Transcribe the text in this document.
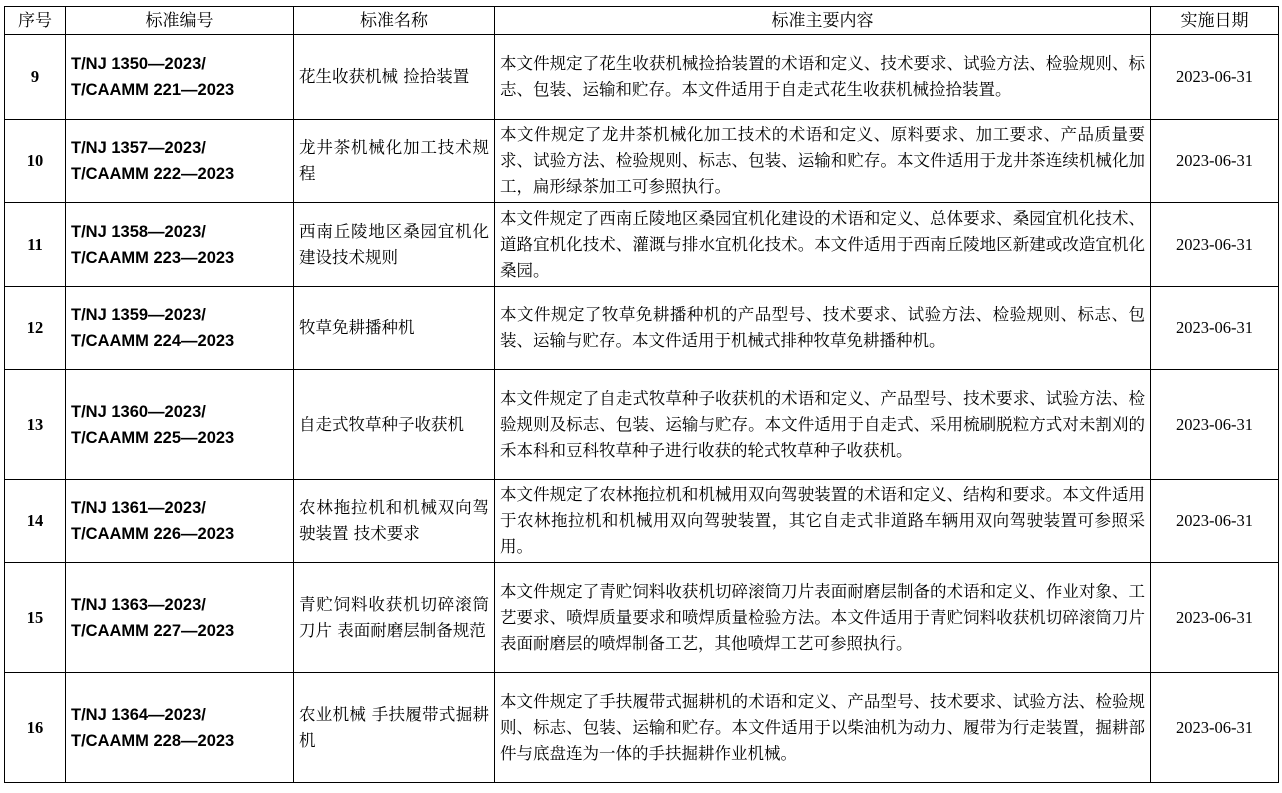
序号	标准编号	标准名称	标准主要内容	实施日期
9	T/NJ 1350—2023/
T/CAAMM 221—2023	花生收获机械 捡拾装置	本文件规定了花生收获机械捡拾装置的术语和定义、技术要求、试验方法、检验规则、标志、包装、运输和贮存。本文件适用于自走式花生收获机械捡拾装置。	2023-06-31
10	T/NJ 1357—2023/
T/CAAMM 222—2023	龙井茶机械化加工技术规程	本文件规定了龙井茶机械化加工技术的术语和定义、原料要求、加工要求、产品质量要求、试验方法、检验规则、标志、包装、运输和贮存。本文件适用于龙井茶连续机械化加工，扁形绿茶加工可参照执行。	2023-06-31
11	T/NJ 1358—2023/
T/CAAMM 223—2023	西南丘陵地区桑园宜机化建设技术规则	本文件规定了西南丘陵地区桑园宜机化建设的术语和定义、总体要求、桑园宜机化技术、道路宜机化技术、灌溉与排水宜机化技术。本文件适用于西南丘陵地区新建或改造宜机化桑园。	2023-06-31
12	T/NJ 1359—2023/
T/CAAMM 224—2023	牧草免耕播种机	本文件规定了牧草免耕播种机的产品型号、技术要求、试验方法、检验规则、标志、包装、运输与贮存。本文件适用于机械式排种牧草免耕播种机。	2023-06-31
13	T/NJ 1360—2023/
T/CAAMM 225—2023	自走式牧草种子收获机	本文件规定了自走式牧草种子收获机的术语和定义、产品型号、技术要求、试验方法、检验规则及标志、包装、运输与贮存。本文件适用于自走式、采用梳刷脱粒方式对未割刈的禾本科和豆科牧草种子进行收获的轮式牧草种子收获机。	2023-06-31
14	T/NJ 1361—2023/
T/CAAMM 226—2023	农林拖拉机和机械双向驾驶装置 技术要求	本文件规定了农林拖拉机和机械用双向驾驶装置的术语和定义、结构和要求。本文件适用于农林拖拉机和机械用双向驾驶装置，其它自走式非道路车辆用双向驾驶装置可参照采用。	2023-06-31
15	T/NJ 1363—2023/
T/CAAMM 227—2023	青贮饲料收获机切碎滚筒刀片 表面耐磨层制备规范	本文件规定了青贮饲料收获机切碎滚筒刀片表面耐磨层制备的术语和定义、作业对象、工艺要求、喷焊质量要求和喷焊质量检验方法。本文件适用于青贮饲料收获机切碎滚筒刀片表面耐磨层的喷焊制备工艺，其他喷焊工艺可参照执行。	2023-06-31
16	T/NJ 1364—2023/
T/CAAMM 228—2023	农业机械 手扶履带式掘耕机	本文件规定了手扶履带式掘耕机的术语和定义、产品型号、技术要求、试验方法、检验规则、标志、包装、运输和贮存。本文件适用于以柴油机为动力、履带为行走装置，掘耕部件与底盘连为一体的手扶掘耕作业机械。	2023-06-31
